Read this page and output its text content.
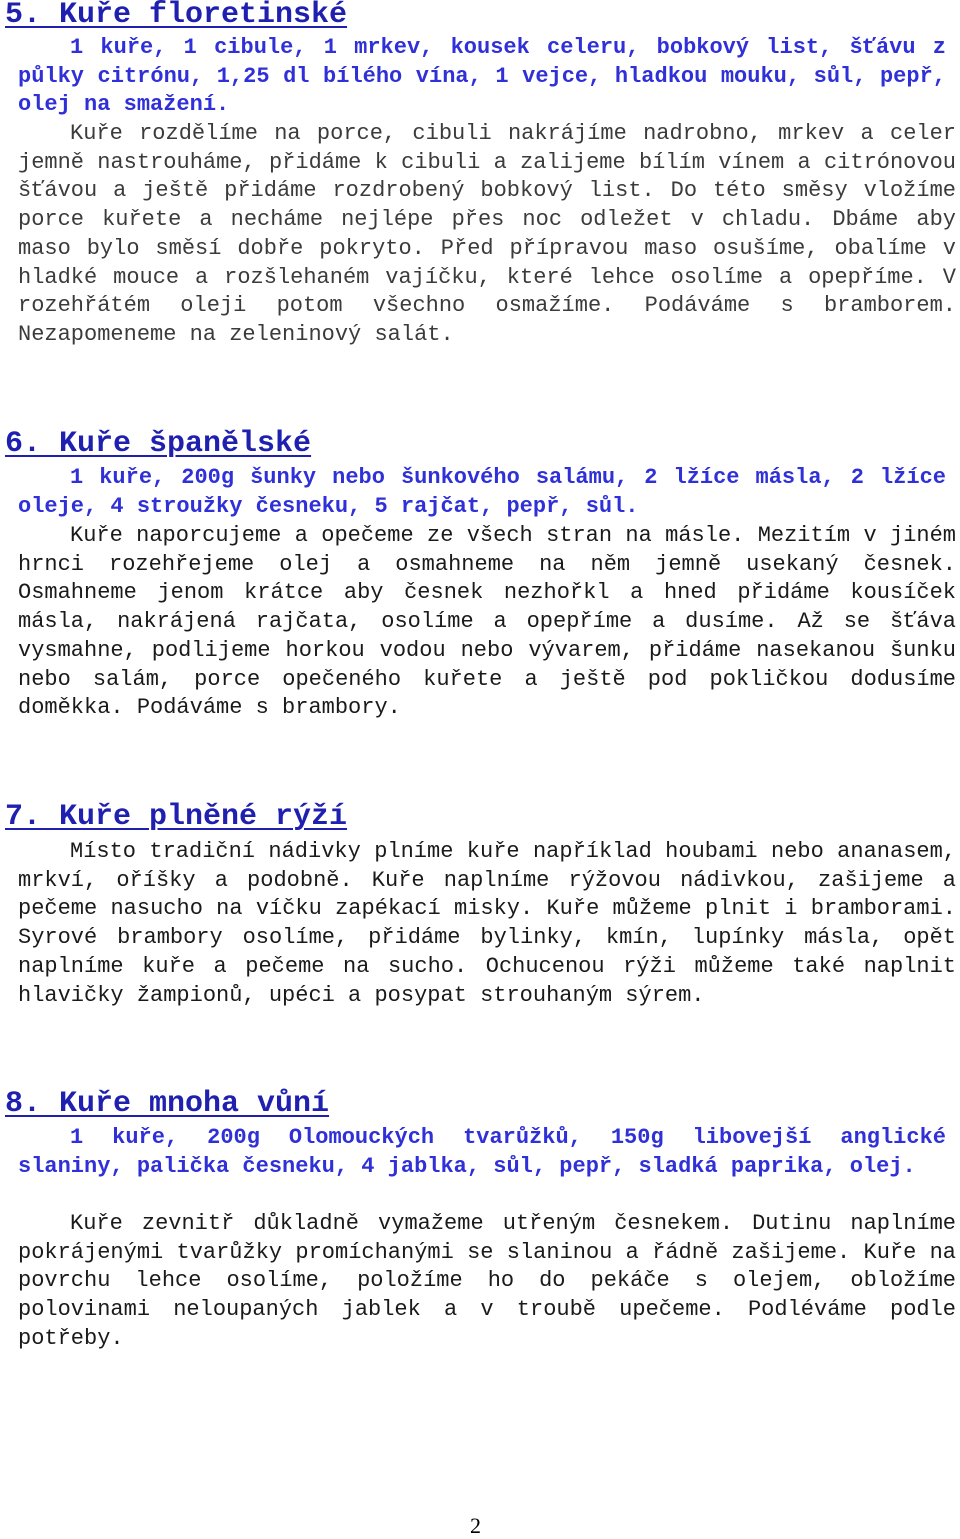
5. Kuře floretinské

1 kuře, 1 cibule, 1 mrkev, kousek celeru, bobkový list, šťávu z půlky citrónu, 1,25 dl bílého vína, 1 vejce, hladkou mouku, sůl, pepř, olej na smažení.

Kuře rozdělíme na porce, cibuli nakrájíme nadrobno, mrkev a celer jemně nastrouháme, přidáme k cibuli a zalijeme bílím vínem a citrónovou šťávou a ještě přidáme rozdrobený bobkový list. Do této směsy vložíme porce kuřete a necháme nejlépe přes noc odležet v chladu. Dbáme aby maso bylo směsí dobře pokryto. Před přípravou maso osušíme, obalíme v hladké mouce a rozšlehaném vajíčku, které lehce osolíme a opepříme. V rozehřátém oleji potom všechno osmažíme. Podáváme s bramborem. Nezapomeneme na zeleninový salát.

6. Kuře španělské

1 kuře, 200g šunky nebo šunkového salámu, 2 lžíce másla, 2 lžíce oleje, 4 stroužky česneku, 5 rajčat, pepř, sůl.

Kuře naporcujeme a opečeme ze všech stran na másle. Mezitím v jiném hrnci rozehřejeme olej a osmahneme na něm jemně usekaný česnek. Osmahneme jenom krátce aby česnek nezhořkl a hned přidáme kousíček másla, nakrájená rajčata, osolíme a opepříme a dusíme. Až se šťáva vysmahne, podlijeme horkou vodou nebo vývarem, přidáme nasekanou šunku nebo salám, porce opečeného kuřete a ještě pod pokličkou dodusíme doměkka. Podáváme s brambory.

7. Kuře plněné rýží

Místo tradiční nádivky plníme kuře například houbami nebo ananasem, mrkví, oříšky a podobně. Kuře naplníme rýžovou nádivkou, zašijeme a pečeme nasucho na víčku zapékací misky. Kuře můžeme plnit i bramborami. Syrové brambory osolíme, přidáme bylinky, kmín, lupínky másla, opět naplníme kuře a pečeme na sucho. Ochucenou rýži můžeme také naplnit hlavičky žampionů, upéci a posypat strouhaným sýrem.

8. Kuře mnoha vůní

1 kuře, 200g Olomouckých tvarůžků, 150g libovejší anglické slaniny, palička česneku, 4 jablka, sůl, pepř, sladká paprika, olej.

Kuře zevnitř důkladně vymažeme utřeným česnekem. Dutinu naplníme pokrájenými tvarůžky promíchanými se slaninou a řádně zašijeme. Kuře na povrchu lehce osolíme, položíme ho do pekáče s olejem, obložíme polovinami neloupaných jablek a v troubě upečeme. Podléváme podle potřeby.

2
